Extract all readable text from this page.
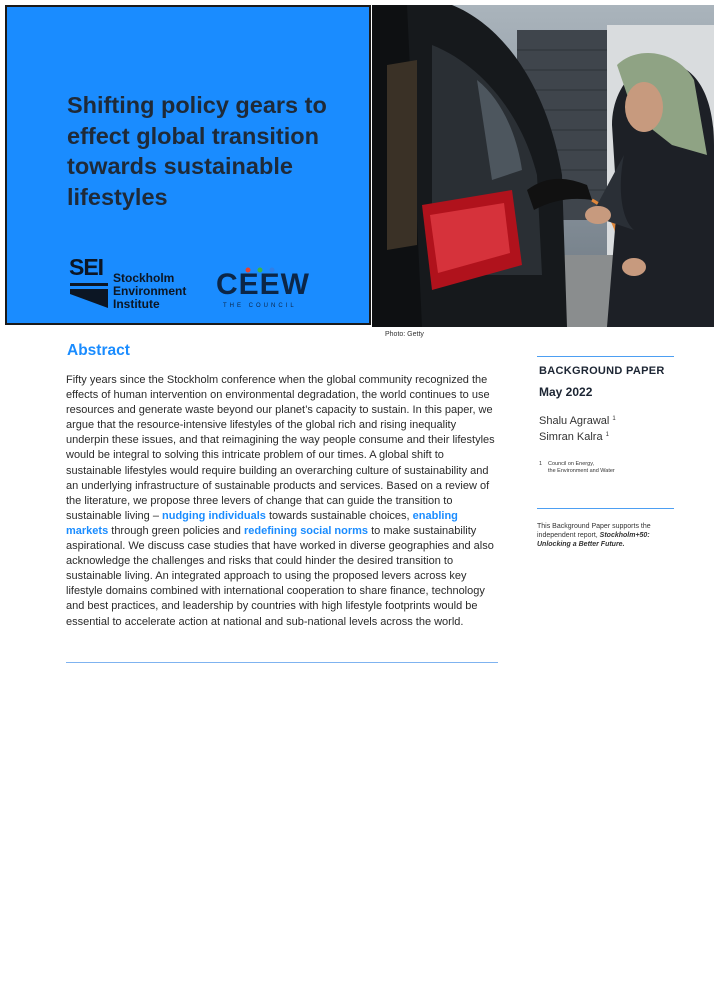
Shifting policy gears to effect global transition towards sustainable lifestyles
SEI Stockholm
Environment
Institute
CEEW
THE COUNCIL
Photo: Getty
Abstract

Fifty years since the Stockholm conference when the global community recognized the effects of human intervention on environmental degradation, the world continues to use resources and generate waste beyond our planet’s capacity to sustain. In this paper, we argue that the resource-intensive lifestyles of the global rich and rising inequality underpin these issues, and that reimagining the way people consume and their lifestyles would be integral to solving this intricate problem of our times. A global shift to sustainable lifestyles would require building an overarching culture of sustainability and an underlying infrastructure of sustainable products and services. Based on a review of the literature, we propose three levers of change that can guide the transition to sustainable living – nudging individuals towards sustainable choices, enabling markets through green policies and redefining social norms to make sustainability aspirational. We discuss case studies that have worked in diverse geographies and also acknowledge the challenges and risks that could hinder the desired transition to sustainable living. An integrated approach to using the proposed levers across key lifestyle domains combined with international cooperation to share finance, technology and best practices, and leadership by countries with high lifestyle footprints would be essential to accelerate action at national and sub-national levels across the world.

BACKGROUND PAPER
May 2022
Shalu Agrawal $^1$
Simran Kalra $^1$
1 Council on Energy,
the Environment and Water
This Background Paper supports the independent report, Stockholm+50: Unlocking a Better Future.
